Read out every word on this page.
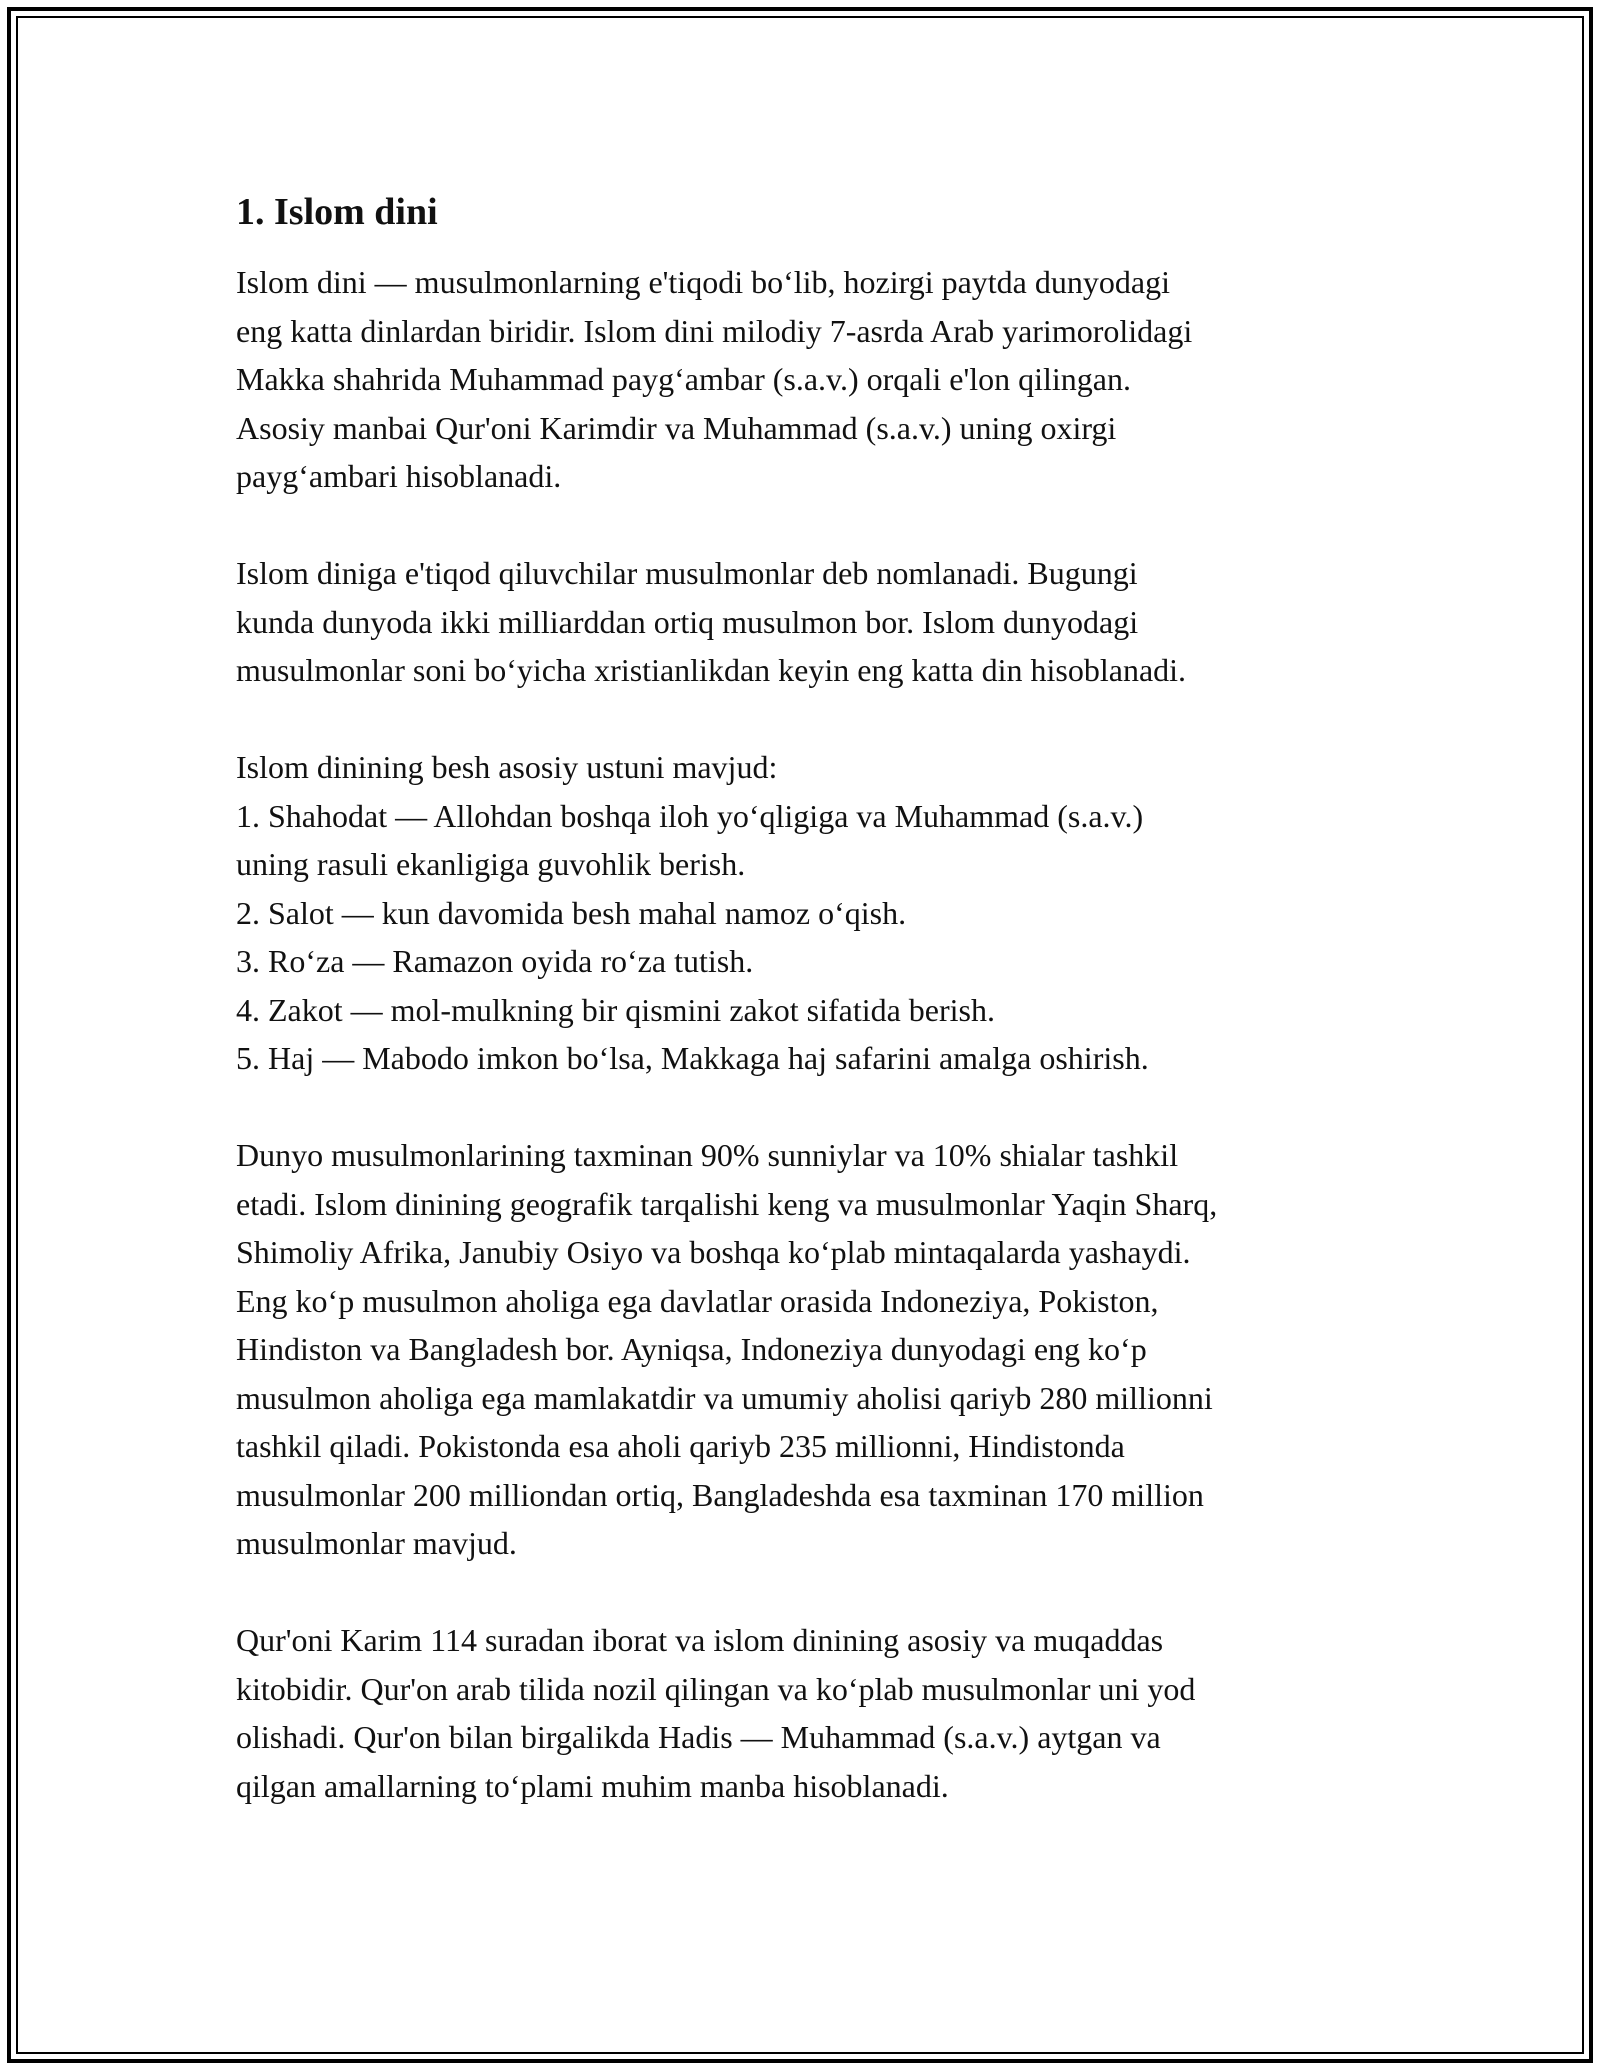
1. Islom dini
Islom dini — musulmonlarning e'tiqodi bo‘lib, hozirgi paytda dunyodagi
eng katta dinlardan biridir. Islom dini milodiy 7-asrda Arab yarimorolidagi
Makka shahrida Muhammad payg‘ambar (s.a.v.) orqali e'lon qilingan.
Asosiy manbai Qur'oni Karimdir va Muhammad (s.a.v.) uning oxirgi
payg‘ambari hisoblanadi.
Islom diniga e'tiqod qiluvchilar musulmonlar deb nomlanadi. Bugungi
kunda dunyoda ikki milliarddan ortiq musulmon bor. Islom dunyodagi
musulmonlar soni bo‘yicha xristianlikdan keyin eng katta din hisoblanadi.
Islom dinining besh asosiy ustuni mavjud:
1. Shahodat — Allohdan boshqa iloh yo‘qligiga va Muhammad (s.a.v.)
uning rasuli ekanligiga guvohlik berish.
2. Salot — kun davomida besh mahal namoz o‘qish.
3. Ro‘za — Ramazon oyida ro‘za tutish.
4. Zakot — mol-mulkning bir qismini zakot sifatida berish.
5. Haj — Mabodo imkon bo‘lsa, Makkaga haj safarini amalga oshirish.
Dunyo musulmonlarining taxminan 90% sunniylar va 10% shialar tashkil
etadi. Islom dinining geografik tarqalishi keng va musulmonlar Yaqin Sharq,
Shimoliy Afrika, Janubiy Osiyo va boshqa ko‘plab mintaqalarda yashaydi.
Eng ko‘p musulmon aholiga ega davlatlar orasida Indoneziya, Pokiston,
Hindiston va Bangladesh bor. Ayniqsa, Indoneziya dunyodagi eng ko‘p
musulmon aholiga ega mamlakatdir va umumiy aholisi qariyb 280 millionni
tashkil qiladi. Pokistonda esa aholi qariyb 235 millionni, Hindistonda
musulmonlar 200 milliondan ortiq, Bangladeshda esa taxminan 170 million
musulmonlar mavjud.
Qur'oni Karim 114 suradan iborat va islom dinining asosiy va muqaddas
kitobidir. Qur'on arab tilida nozil qilingan va ko‘plab musulmonlar uni yod
olishadi. Qur'on bilan birgalikda Hadis — Muhammad (s.a.v.) aytgan va
qilgan amallarning to‘plami muhim manba hisoblanadi.
